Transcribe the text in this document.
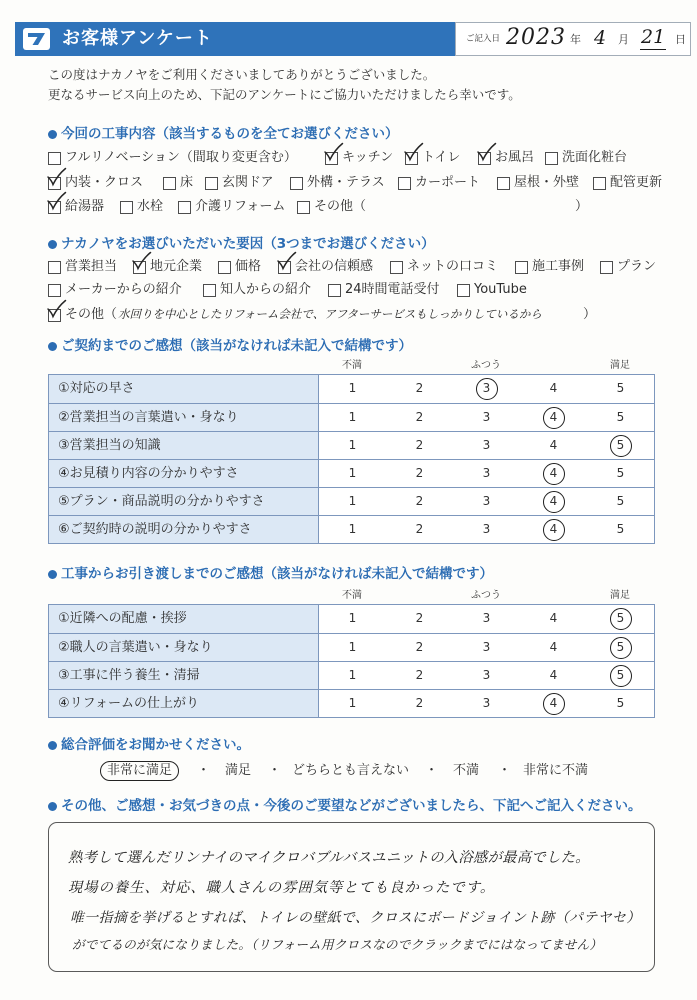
お客様アンケート	ご記入日 2023 年 4 月 21 日
この度はナカノヤをご利用くださいましてありがとうございました。
更なるサービス向上のため、下記のアンケートにご協力いただけましたら幸いです。
今回の工事内容（該当するものを全てお選びください）
）
ナカノヤをお選びいただいた要因（3つまでお選びください）
水回りを中心としたリフォーム会社で、アフターサービスもしっかりしているから	）
ご契約までのご感想（該当がなければ未記入で結構です）
不満	ふつう	満足
①対応の早さ	1	2	3	4	5
②営業担当の言葉遣い・身なり	1	2	3	4	5
③営業担当の知識	1	2	3	4	5
④お見積り内容の分かりやすさ	1	2	3	4	5
⑤プラン・商品説明の分かりやすさ	1	2	3	4	5
⑥ご契約時の説明の分かりやすさ	1	2	3	4	5
工事からお引き渡しまでのご感想（該当がなければ未記入で結構です）
不満	ふつう	満足
①近隣への配慮・挨拶	1	2	3	4	5
②職人の言葉遣い・身なり	1	2	3	4	5
③工事に伴う養生・清掃	1	2	3	4	5
④リフォームの仕上がり	1	2	3	4	5
総合評価をお聞かせください。
その他、ご感想・お気づきの点・今後のご要望などがございましたら、下記へご記入ください。
熟考して選んだリンナイのマイクロバブルバスユニットの入浴感が最高でした。
現場の養生、対応、職人さんの雰囲気等とても良かったです。
唯一指摘を挙げるとすれば、トイレの壁紙で、クロスにボードジョイント跡（パテヤセ）
がでてるのが気になりました。（リフォーム用クロスなのでクラックまでにはなってません）
フルリノベーション（間取り変更含む）	キッチン	トイレ	お風呂	洗面化粧台
内装・クロス	床	玄関ドア	外構・テラス	カーポート	屋根・外壁	配管更新
給湯器	水栓	介護リフォーム	その他（
営業担当	地元企業	価格	会社の信頼感	ネットの口コミ	施工事例	プラン
メーカーからの紹介	知人からの紹介	24時間電話受付	YouTube
その他（
非常に満足	満足	どちらとも言えない	不満	非常に不満
・	・	・	・
